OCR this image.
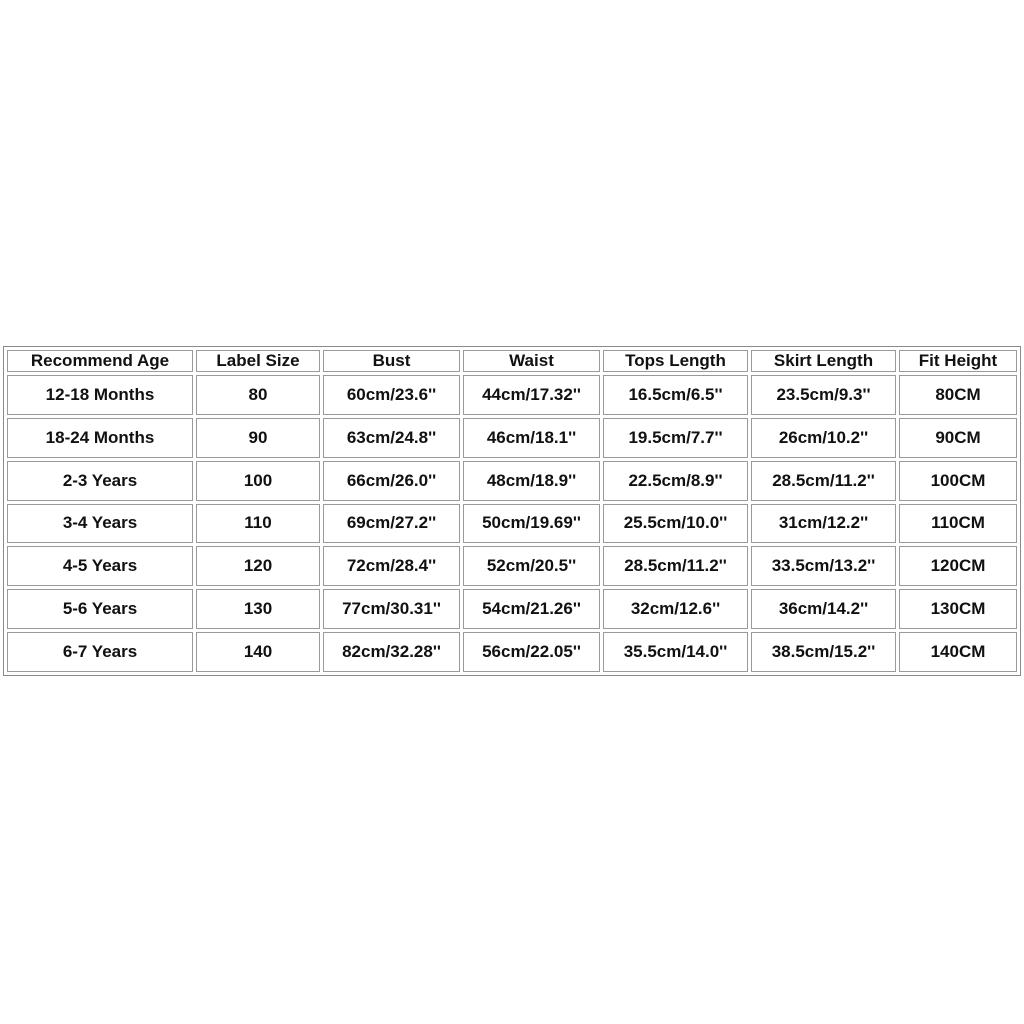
Recommend Age	Label Size	Bust	Waist	Tops Length	Skirt Length	Fit Height
12-18 Months	80	60cm/23.6''	44cm/17.32''	16.5cm/6.5''	23.5cm/9.3''	80CM
18-24 Months	90	63cm/24.8''	46cm/18.1''	19.5cm/7.7''	26cm/10.2''	90CM
2-3 Years	100	66cm/26.0''	48cm/18.9''	22.5cm/8.9''	28.5cm/11.2''	100CM
3-4 Years	110	69cm/27.2''	50cm/19.69''	25.5cm/10.0''	31cm/12.2''	110CM
4-5 Years	120	72cm/28.4''	52cm/20.5''	28.5cm/11.2''	33.5cm/13.2''	120CM
5-6 Years	130	77cm/30.31''	54cm/21.26''	32cm/12.6''	36cm/14.2''	130CM
6-7 Years	140	82cm/32.28''	56cm/22.05''	35.5cm/14.0''	38.5cm/15.2''	140CM
